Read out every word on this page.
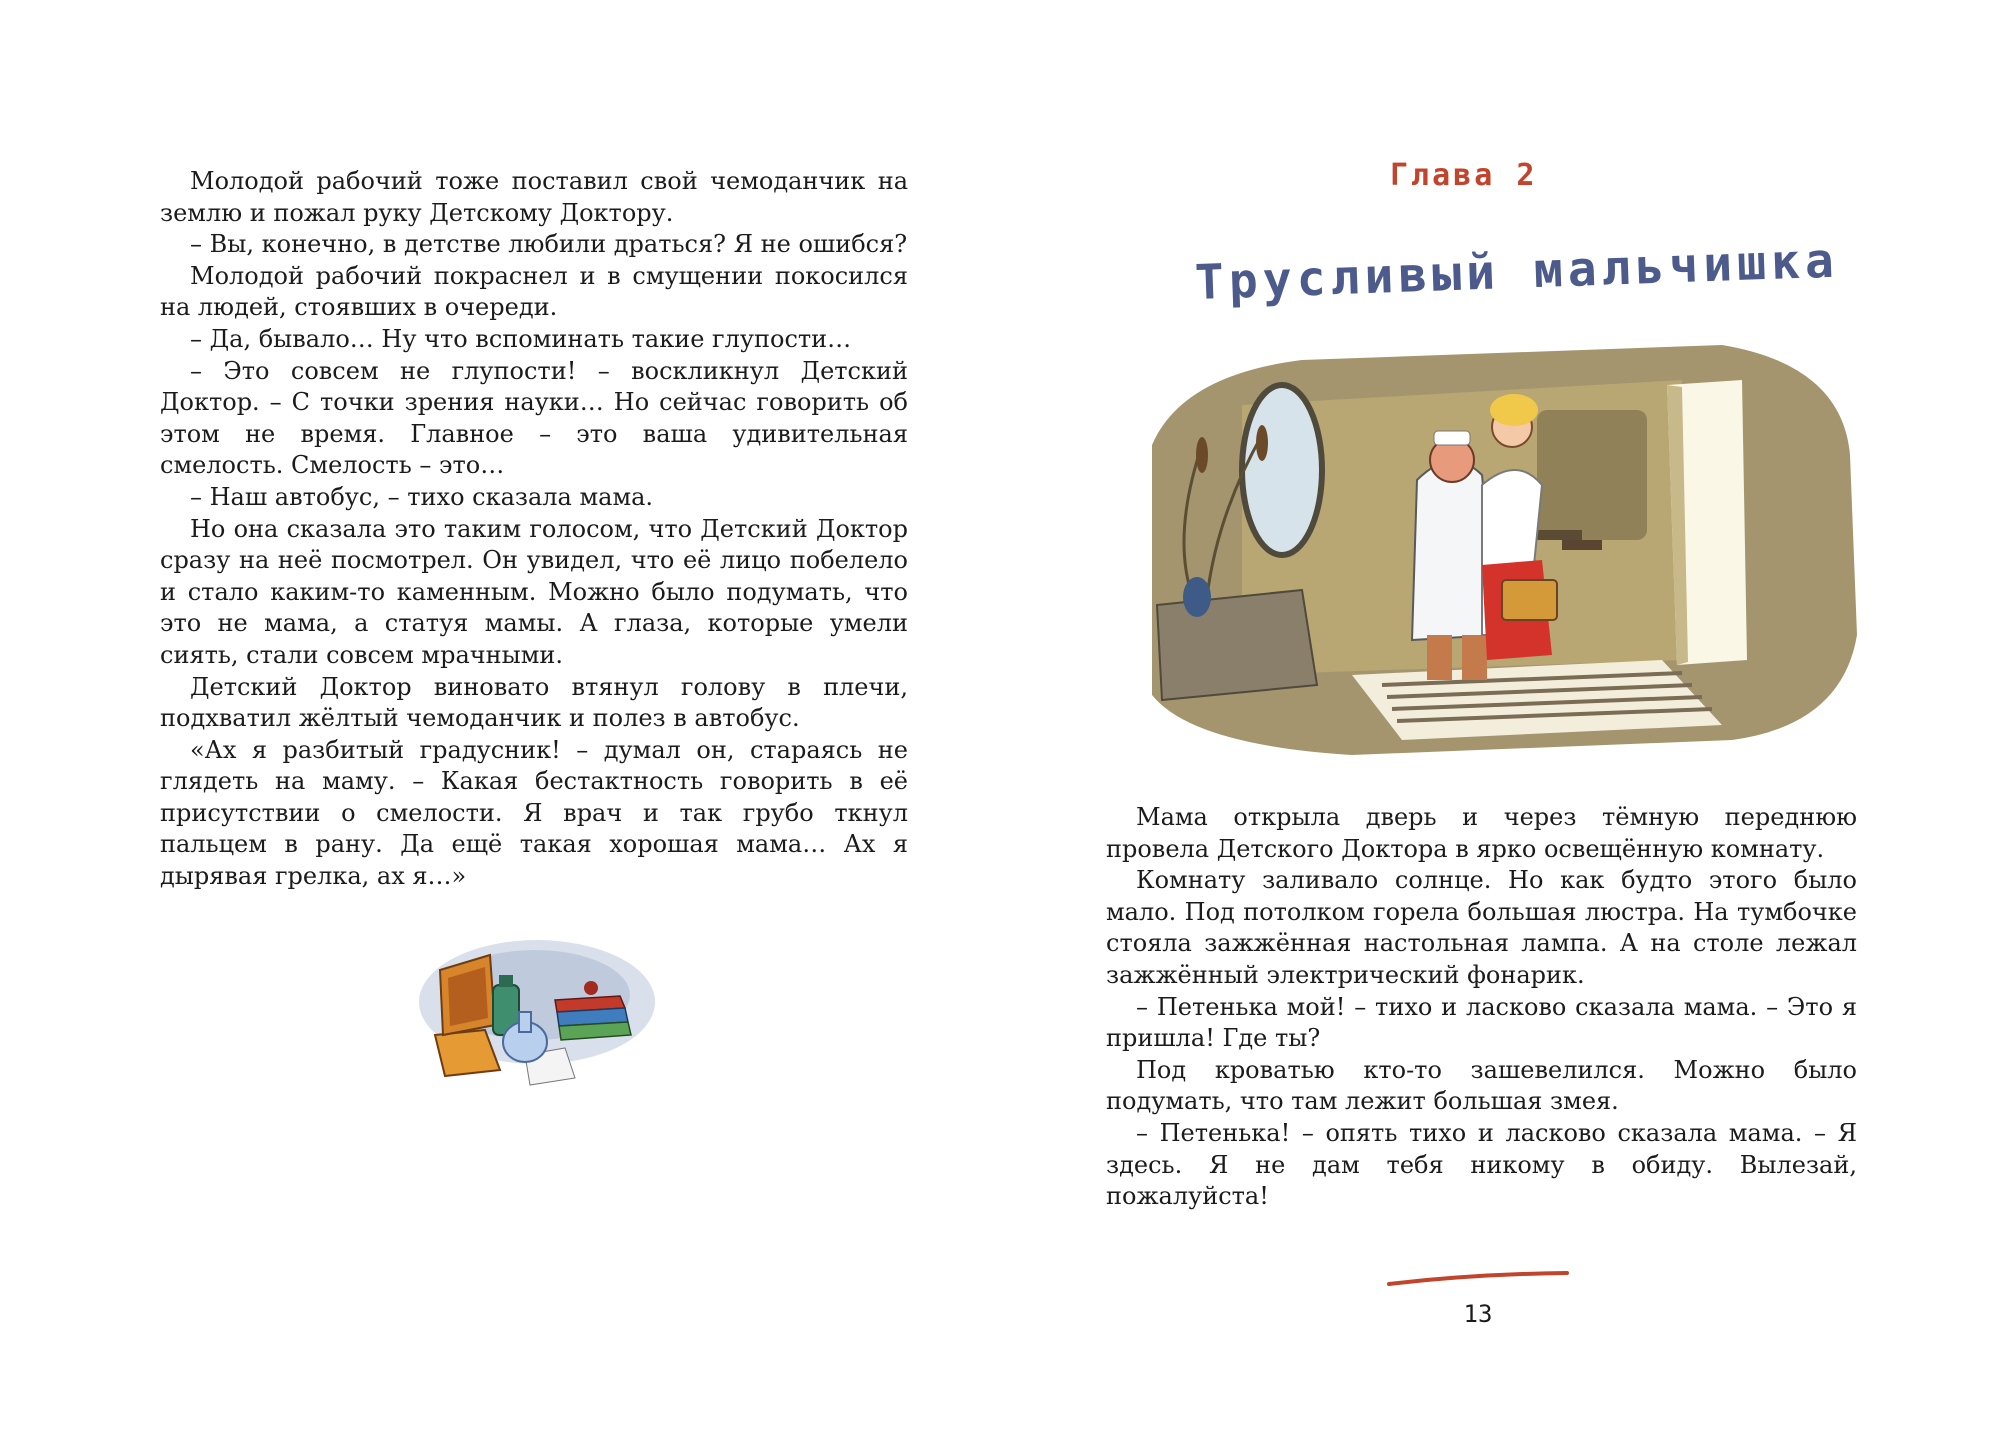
Молодой рабочий тоже поставил свой чемоданчик на землю и пожал руку Детскому Доктору.

– Вы, конечно, в детстве любили драться? Я не ошибся?

Молодой рабочий покраснел и в смущении покосился на людей, стоявших в очереди.

– Да, бывало… Ну что вспоминать такие глупости…

– Это совсем не глупости! – воскликнул Детский Доктор. – С точки зрения науки… Но сейчас говорить об этом не время. Главное – это ваша удивительная смелость. Смелость – это…

– Наш автобус, – тихо сказала мама.

Но она сказала это таким голосом, что Детский Доктор сразу на неё посмотрел. Он увидел, что её лицо побелело и стало каким-то каменным. Можно было подумать, что это не мама, а статуя мамы. А глаза, которые умели сиять, стали совсем мрачными.

Детский Доктор виновато втянул голову в плечи, подхватил жёлтый чемоданчик и полез в автобус.

«Ах я разбитый градусник! – думал он, стараясь не глядеть на маму. – Какая бестактность говорить в её присутствии о смелости. Я врач и так грубо ткнул пальцем в рану. Да ещё такая хорошая мама… Ах я дырявая грелка, ах я…»

Глава 2
Трусливый мальчишка

Мама открыла дверь и через тёмную переднюю провела Детского Доктора в ярко освещённую комнату.

Комнату заливало солнце. Но как будто этого было мало. Под потолком горела большая люстра. На тумбочке стояла зажжённая настольная лампа. А на столе лежал зажжённый электрический фонарик.

– Петенька мой! – тихо и ласково сказала мама. – Это я пришла! Где ты?

Под кроватью кто-то зашевелился. Можно было подумать, что там лежит большая змея.

– Петенька! – опять тихо и ласково сказала мама. – Я здесь. Я не дам тебя никому в обиду. Вылезай, пожалуйста!

13
